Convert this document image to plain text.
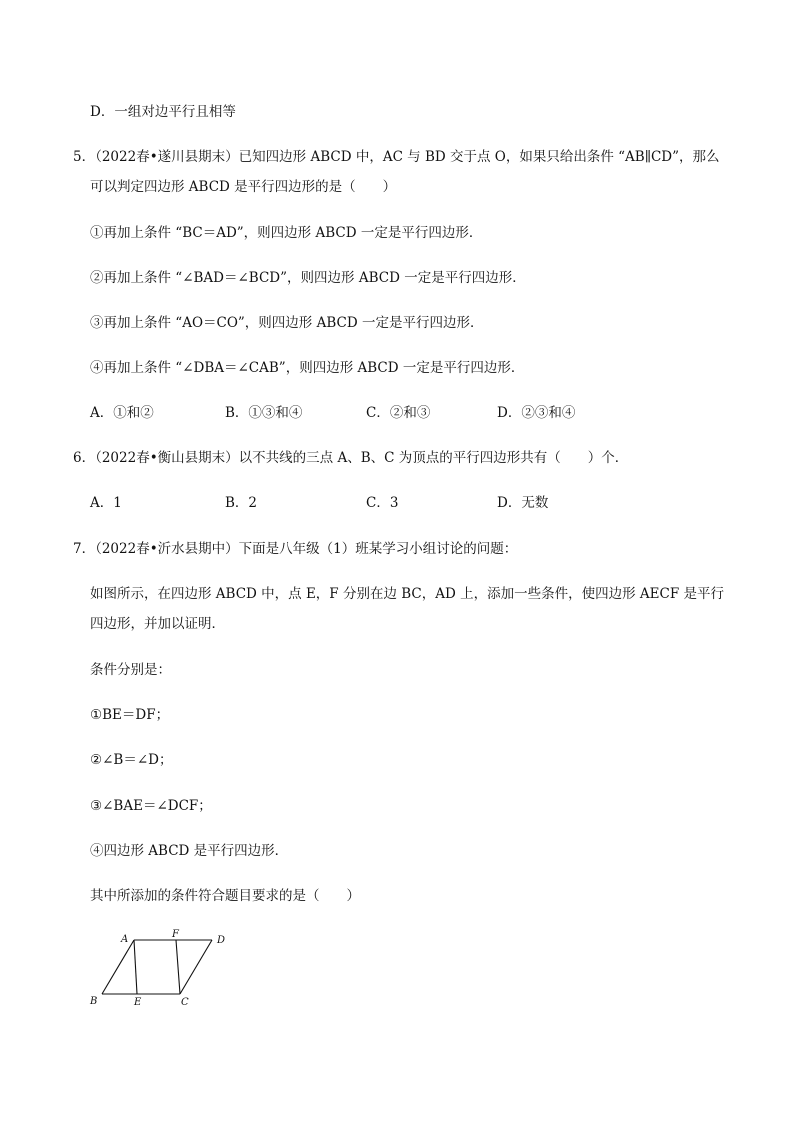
D．一组对边平行且相等
5．（2022春•遂川县期末）已知四边形 ABCD 中，AC 与 BD 交于点 O，如果只给出条件 “AB∥CD”，那么
可以判定四边形 ABCD 是平行四边形的是（　　）
①再加上条件 “BC＝AD”，则四边形 ABCD 一定是平行四边形．
②再加上条件 “∠BAD＝∠BCD”，则四边形 ABCD 一定是平行四边形．
③再加上条件 “AO＝CO”，则四边形 ABCD 一定是平行四边形．
④再加上条件 “∠DBA＝∠CAB”，则四边形 ABCD 一定是平行四边形．
A．①和②	B．①③和④	C．②和③	D．②③和④
6．（2022春•衡山县期末）以不共线的三点 A、B、C 为顶点的平行四边形共有（　　）个．
A．1	B．2	C．3	D．无数
7．（2022春•沂水县期中）下面是八年级（1）班某学习小组讨论的问题：
如图所示，在四边形 ABCD 中，点 E，F 分别在边 BC，AD 上，添加一些条件，使四边形 AECF 是平行
四边形，并加以证明．
条件分别是：
①BE＝DF；
②∠B＝∠D；
③∠BAE＝∠DCF；
④四边形 ABCD 是平行四边形．
其中所添加的条件符合题目要求的是（　　）
A	F
D
B	E	C
